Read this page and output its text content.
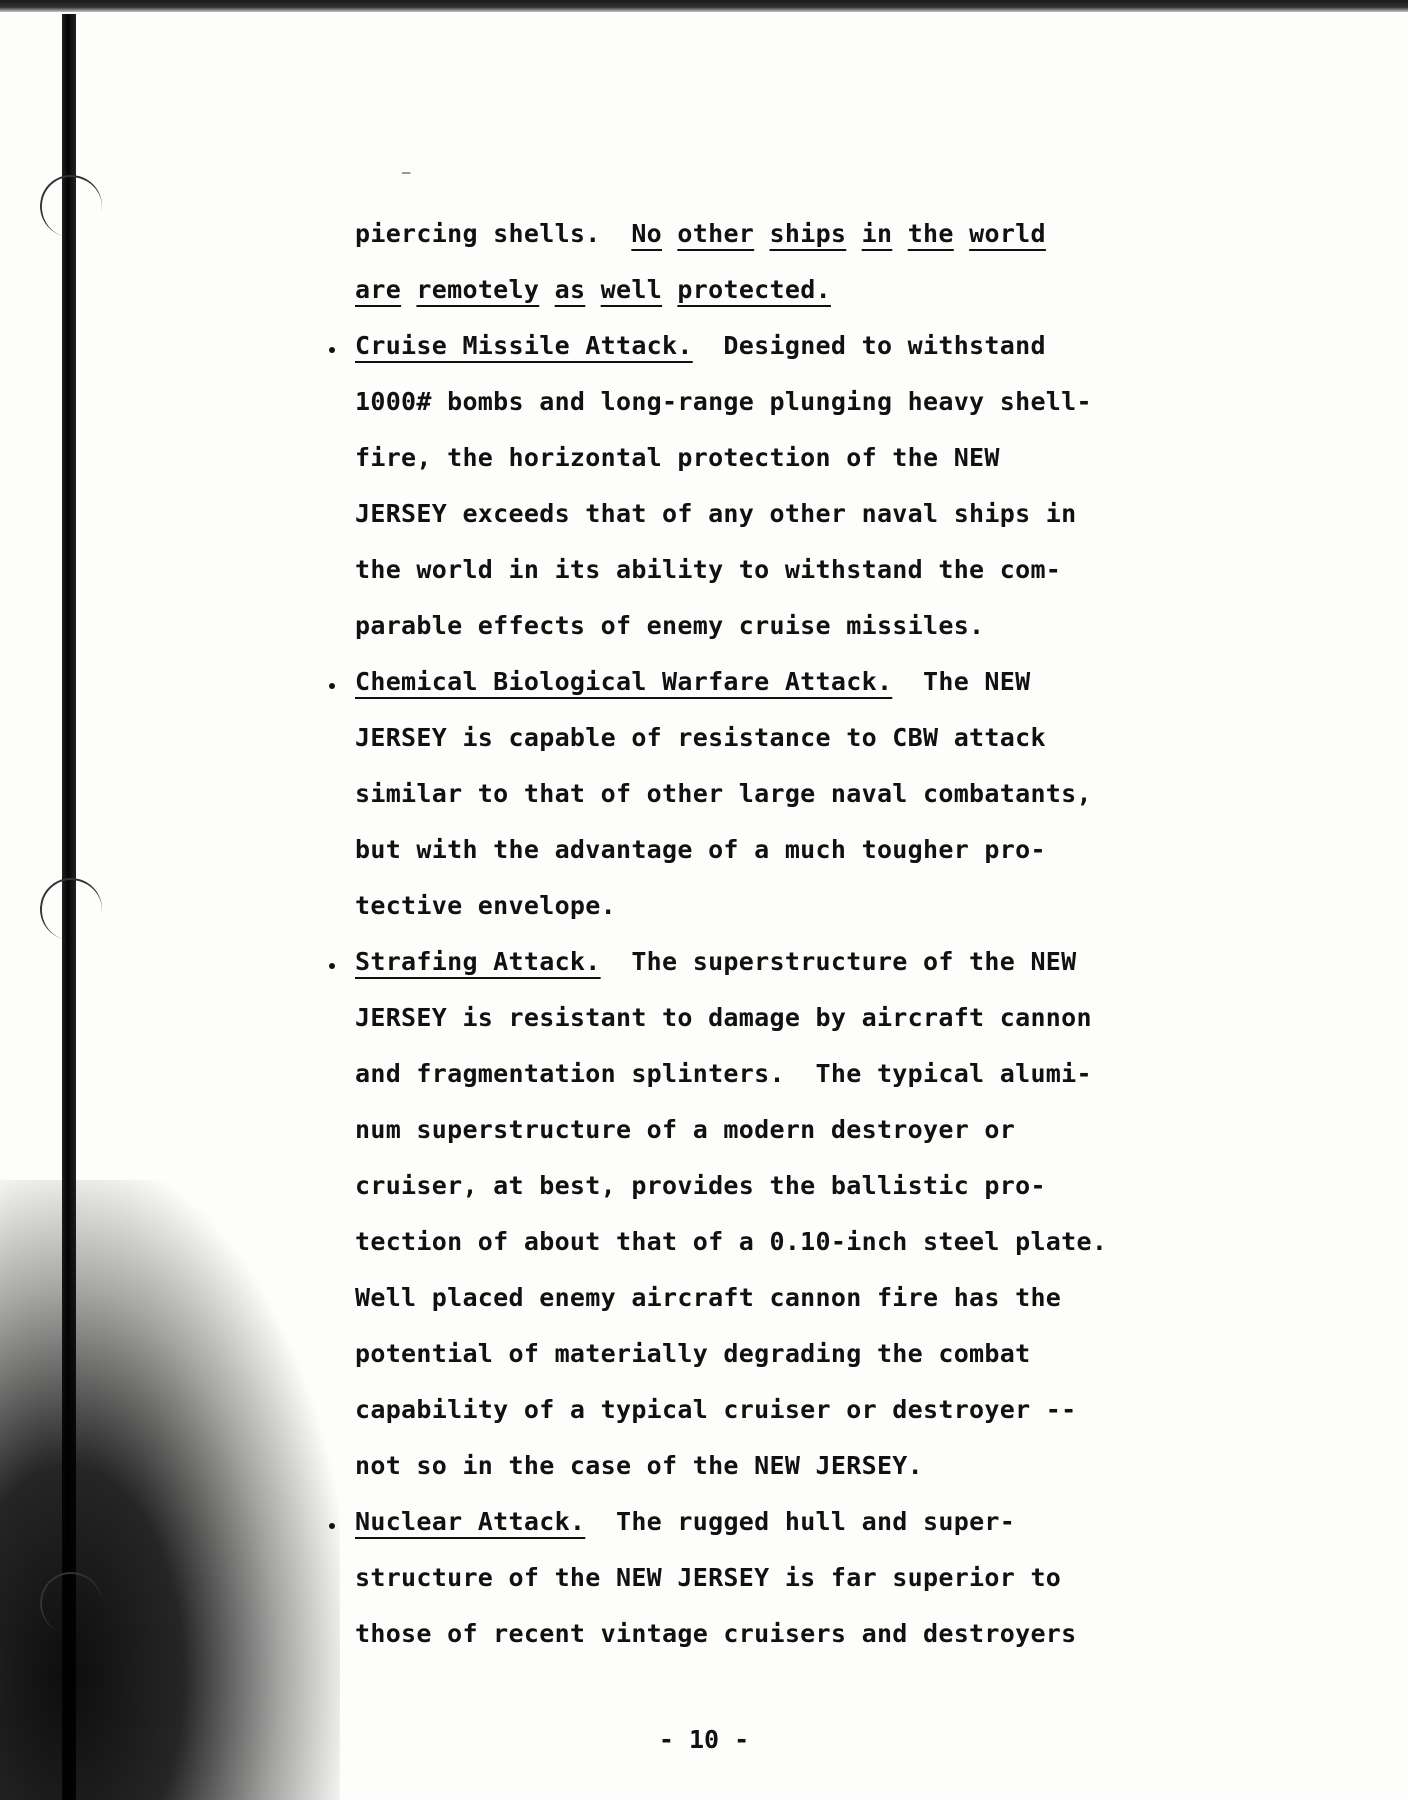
—
piercing shells.  No other ships in the world
are remotely as well protected.
Cruise Missile Attack.  Designed to withstand
1000# bombs and long-range plunging heavy shell-
fire, the horizontal protection of the NEW
JERSEY exceeds that of any other naval ships in
the world in its ability to withstand the com-
parable effects of enemy cruise missiles.
Chemical Biological Warfare Attack.  The NEW
JERSEY is capable of resistance to CBW attack
similar to that of other large naval combatants,
but with the advantage of a much tougher pro-
tective envelope.
Strafing Attack.  The superstructure of the NEW
JERSEY is resistant to damage by aircraft cannon
and fragmentation splinters.  The typical alumi-
num superstructure of a modern destroyer or
cruiser, at best, provides the ballistic pro-
tection of about that of a 0.10-inch steel plate.
Well placed enemy aircraft cannon fire has the
potential of materially degrading the combat
capability of a typical cruiser or destroyer --
not so in the case of the NEW JERSEY.
Nuclear Attack.  The rugged hull and super-
structure of the NEW JERSEY is far superior to
those of recent vintage cruisers and destroyers
- 10 -
